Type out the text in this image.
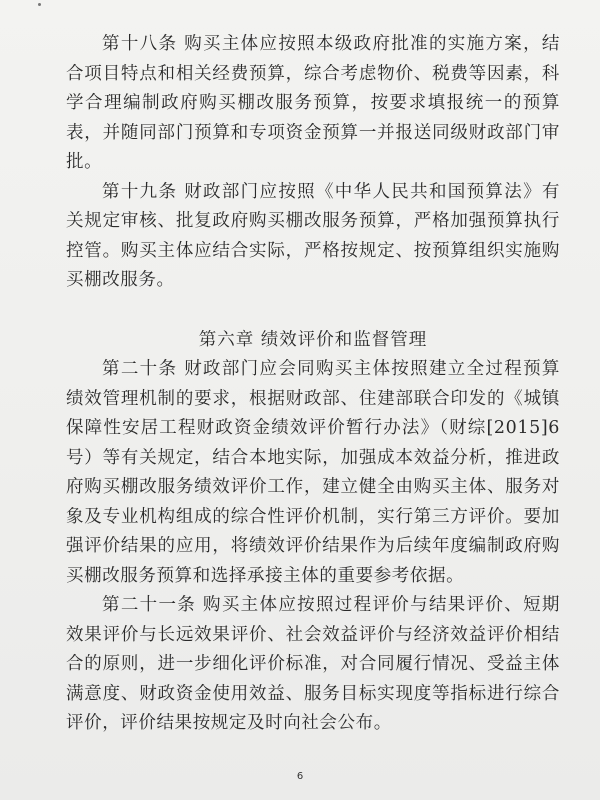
第十八条 购买主体应按照本级政府批准的实施方案，结合项目特点和相关经费预算，综合考虑物价、税费等因素，科学合理编制政府购买棚改服务预算，按要求填报统一的预算表，并随同部门预算和专项资金预算一并报送同级财政部门审批。

第十九条 财政部门应按照《中华人民共和国预算法》有关规定审核、批复政府购买棚改服务预算，严格加强预算执行控管。购买主体应结合实际，严格按规定、按预算组织实施购买棚改服务。

第六章 绩效评价和监督管理

第二十条 财政部门应会同购买主体按照建立全过程预算绩效管理机制的要求，根据财政部、住建部联合印发的《城镇保障性安居工程财政资金绩效评价暂行办法》（财综[2015]6号）等有关规定，结合本地实际，加强成本效益分析，推进政府购买棚改服务绩效评价工作，建立健全由购买主体、服务对象及专业机构组成的综合性评价机制，实行第三方评价。要加强评价结果的应用，将绩效评价结果作为后续年度编制政府购买棚改服务预算和选择承接主体的重要参考依据。

第二十一条 购买主体应按照过程评价与结果评价、短期效果评价与长远效果评价、社会效益评价与经济效益评价相结合的原则，进一步细化评价标准，对合同履行情况、受益主体满意度、财政资金使用效益、服务目标实现度等指标进行综合评价，评价结果按规定及时向社会公布。

6
